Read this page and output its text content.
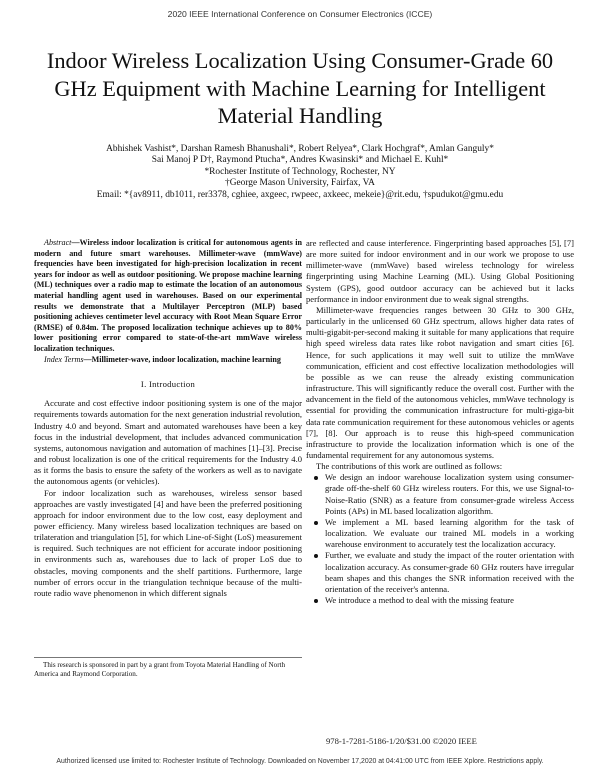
2020 IEEE International Conference on Consumer Electronics (ICCE)
Indoor Wireless Localization Using Consumer-Grade 60 GHz Equipment with Machine Learning for Intelligent Material Handling
Abhishek Vashist*, Darshan Ramesh Bhanushali*, Robert Relyea*, Clark Hochgraf*, Amlan Ganguly*
Sai Manoj P D†, Raymond Ptucha*, Andres Kwasinski* and Michael E. Kuhl*
*Rochester Institute of Technology, Rochester, NY
†George Mason University, Fairfax, VA
Email: *{av8911, db1011, rer3378, cghiee, axgeec, rwpeec, axkeec, mekeie}@rit.edu, †spudukot@gmu.edu

Abstract—Wireless indoor localization is critical for autonomous agents in modern and future smart warehouses. Millimeter-wave (mmWave) frequencies have been investigated for high-precision localization in recent years for indoor as well as outdoor positioning. We propose machine learning (ML) techniques over a radio map to estimate the location of an autonomous material handling agent used in warehouses. Based on our experimental results we demonstrate that a Multilayer Perceptron (MLP) based positioning achieves centimeter level accuracy with Root Mean Square Error (RMSE) of 0.84m. The proposed localization technique achieves up to 80% lower positioning error compared to state-of-the-art mmWave wireless localization techniques.

Index Terms—Millimeter-wave, indoor localization, machine learning

I. Introduction

Accurate and cost effective indoor positioning system is one of the major requirements towards automation for the next generation industrial revolution, Industry 4.0 and beyond. Smart and automated warehouses have been a key focus in the industrial development, that includes advanced communication systems, autonomous navigation and automation of machines [1]–[3]. Precise and robust localization is one of the critical requirements for the Industry 4.0 as it forms the basis to ensure the safety of the workers as well as to navigate the autonomous agents (or vehicles).

For indoor localization such as warehouses, wireless sensor based approaches are vastly investigated [4] and have been the preferred positioning approach for indoor environment due to the low cost, easy deployment and power efficiency. Many wireless based localization techniques are based on trilateration and triangulation [5], for which Line-of-Sight (LoS) measurement is required. Such techniques are not efficient for accurate indoor positioning in environments such as, warehouses due to lack of proper LoS due to obstacles, moving components and the shelf partitions. Furthermore, large number of errors occur in the triangulation technique because of the multi-route radio wave phenomenon in which different signals

This research is sponsored in part by a grant from Toyota Material Handling of North America and Raymond Corporation.

are reflected and cause interference. Fingerprinting based approaches [5], [7] are more suited for indoor environment and in our work we propose to use millimeter-wave (mmWave) based wireless technology for wireless fingerprinting using Machine Learning (ML). Using Global Positioning System (GPS), good outdoor accuracy can be achieved but it lacks performance in indoor environment due to weak signal strengths.

Millimeter-wave frequencies ranges between 30 GHz to 300 GHz, particularly in the unlicensed 60 GHz spectrum, allows higher data rates of multi-gigabit-per-second making it suitable for many applications that require high speed wireless data rates like robot navigation and smart cities [6]. Hence, for such applications it may well suit to utilize the mmWave communication, efficient and cost effective localization methodologies will be possible as we can reuse the already existing communication infrastructure. This will significantly reduce the overall cost. Further with the advancement in the field of the autonomous vehicles, mmWave technology is essential for providing the communication infrastructure for multi-giga-bit data rate communication requirement for these autonomous vehicles or agents [7], [8]. Our approach is to reuse this high-speed communication infrastructure to provide the localization information which is one of the fundamental requirement for any autonomous systems.

The contributions of this work are outlined as follows:

We design an indoor warehouse localization system using consumer-grade off-the-shelf 60 GHz wireless routers. For this, we use Signal-to-Noise-Ratio (SNR) as a feature from consumer-grade wireless Access Points (APs) in ML based localization algorithm.
We implement a ML based learning algorithm for the task of localization. We evaluate our trained ML models in a working warehouse environment to accurately test the localization accuracy.
Further, we evaluate and study the impact of the router orientation with localization accuracy. As consumer-grade 60 GHz routers have irregular beam shapes and this changes the SNR information received with the orientation of the receiver's antenna.
We introduce a method to deal with the missing feature
978-1-7281-5186-1/20/$31.00 ©2020 IEEE
Authorized licensed use limited to: Rochester Institute of Technology. Downloaded on November 17,2020 at 04:41:00 UTC from IEEE Xplore. Restrictions apply.
